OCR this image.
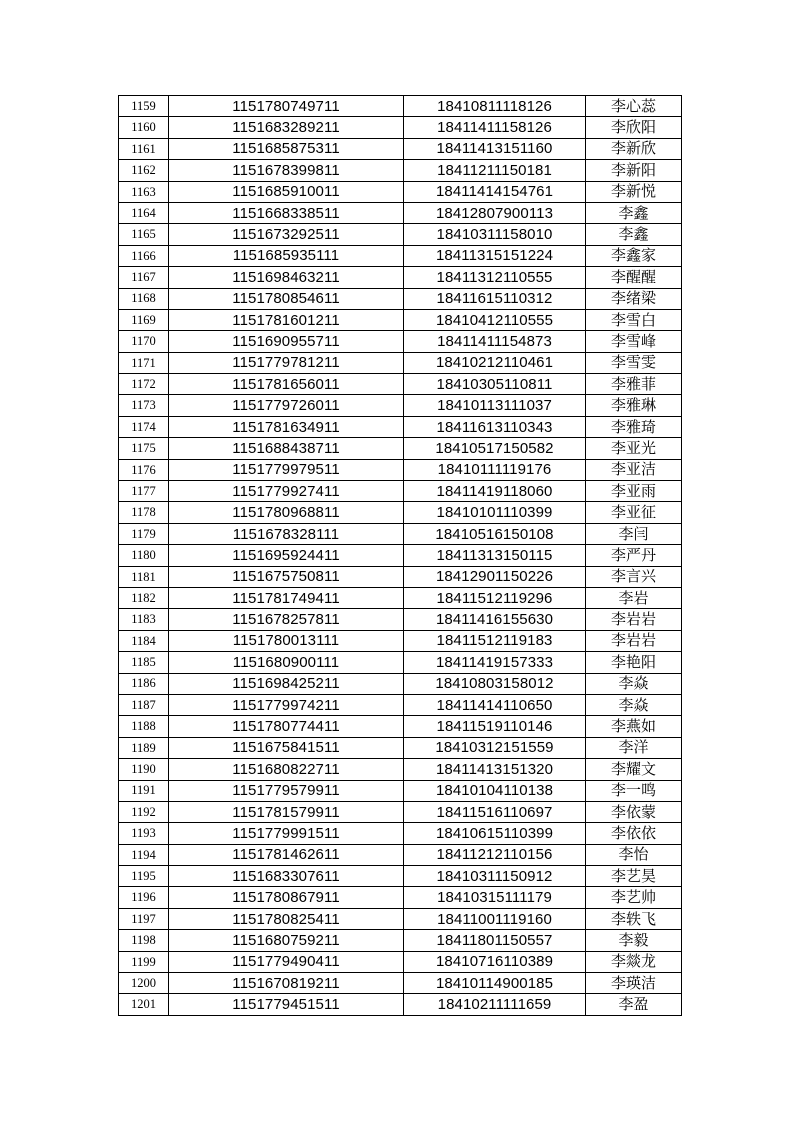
1159	1151780749711	18410811118126	李心蕊
1160	1151683289211	18411411158126	李欣阳
1161	1151685875311	18411413151160	李新欣
1162	1151678399811	18411211150181	李新阳
1163	1151685910011	18411414154761	李新悦
1164	1151668338511	18412807900113	李鑫
1165	1151673292511	18410311158010	李鑫
1166	1151685935111	18411315151224	李鑫家
1167	1151698463211	18411312110555	李醒醒
1168	1151780854611	18411615110312	李绪梁
1169	1151781601211	18410412110555	李雪白
1170	1151690955711	18411411154873	李雪峰
1171	1151779781211	18410212110461	李雪雯
1172	1151781656011	18410305110811	李雅菲
1173	1151779726011	18410113111037	李雅琳
1174	1151781634911	18411613110343	李雅琦
1175	1151688438711	18410517150582	李亚光
1176	1151779979511	18410111119176	李亚洁
1177	1151779927411	18411419118060	李亚雨
1178	1151780968811	18410101110399	李亚征
1179	1151678328111	18410516150108	李闫
1180	1151695924411	18411313150115	李严丹
1181	1151675750811	18412901150226	李言兴
1182	1151781749411	18411512119296	李岩
1183	1151678257811	18411416155630	李岩岩
1184	1151780013111	18411512119183	李岩岩
1185	1151680900111	18411419157333	李艳阳
1186	1151698425211	18410803158012	李焱
1187	1151779974211	18411414110650	李焱
1188	1151780774411	18411519110146	李燕如
1189	1151675841511	18410312151559	李洋
1190	1151680822711	18411413151320	李耀文
1191	1151779579911	18410104110138	李一鸣
1192	1151781579911	18411516110697	李依蒙
1193	1151779991511	18410615110399	李依依
1194	1151781462611	18411212110156	李怡
1195	1151683307611	18410311150912	李艺昊
1196	1151780867911	18410315111179	李艺帅
1197	1151780825411	18411001119160	李轶飞
1198	1151680759211	18411801150557	李毅
1199	1151779490411	18410716110389	李燚龙
1200	1151670819211	18410114900185	李瑛洁
1201	1151779451511	18410211111659	李盈
